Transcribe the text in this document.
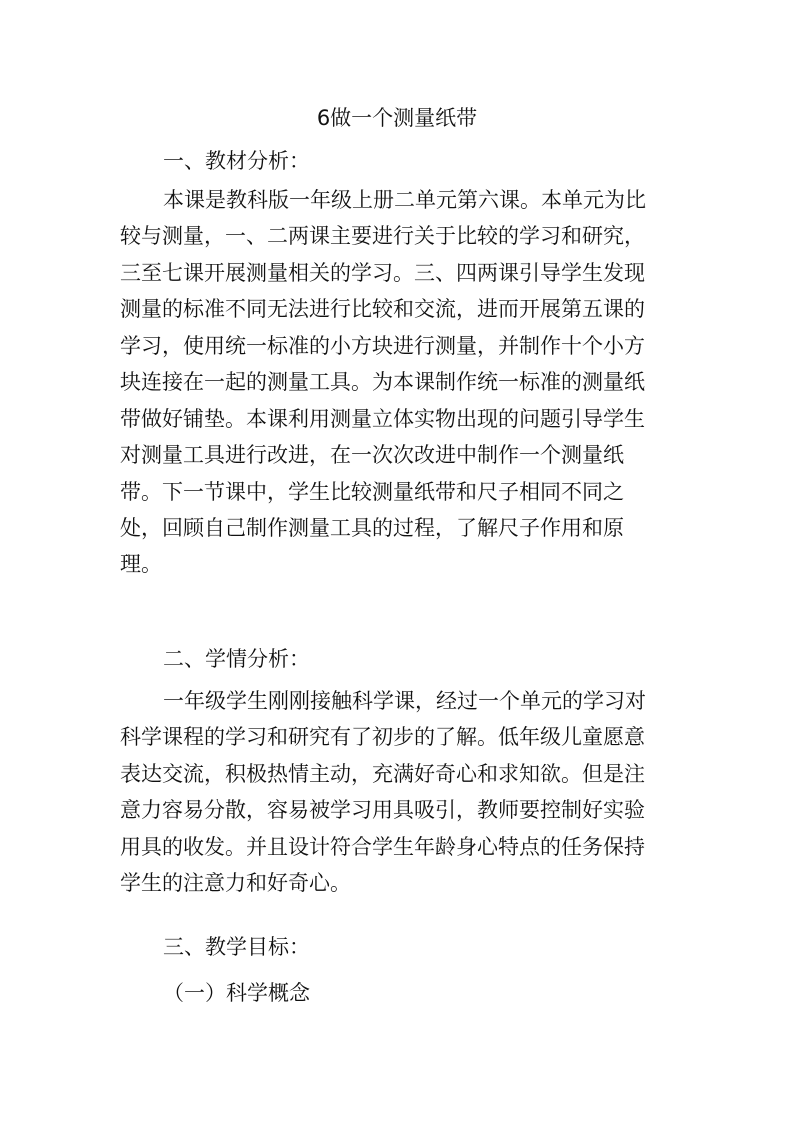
6做一个测量纸带
一、教材分析：
本课是教科版一年级上册二单元第六课。本单元为比
较与测量，一、二两课主要进行关于比较的学习和研究，
三至七课开展测量相关的学习。三、四两课引导学生发现
测量的标准不同无法进行比较和交流，进而开展第五课的
学习，使用统一标准的小方块进行测量，并制作十个小方
块连接在一起的测量工具。为本课制作统一标准的测量纸
带做好铺垫。本课利用测量立体实物出现的问题引导学生
对测量工具进行改进，在一次次改进中制作一个测量纸
带。下一节课中，学生比较测量纸带和尺子相同不同之
处，回顾自己制作测量工具的过程，了解尺子作用和原
理。
二、学情分析：
一年级学生刚刚接触科学课，经过一个单元的学习对
科学课程的学习和研究有了初步的了解。低年级儿童愿意
表达交流，积极热情主动，充满好奇心和求知欲。但是注
意力容易分散，容易被学习用具吸引，教师要控制好实验
用具的收发。并且设计符合学生年龄身心特点的任务保持
学生的注意力和好奇心。
三、教学目标：
（一）科学概念
